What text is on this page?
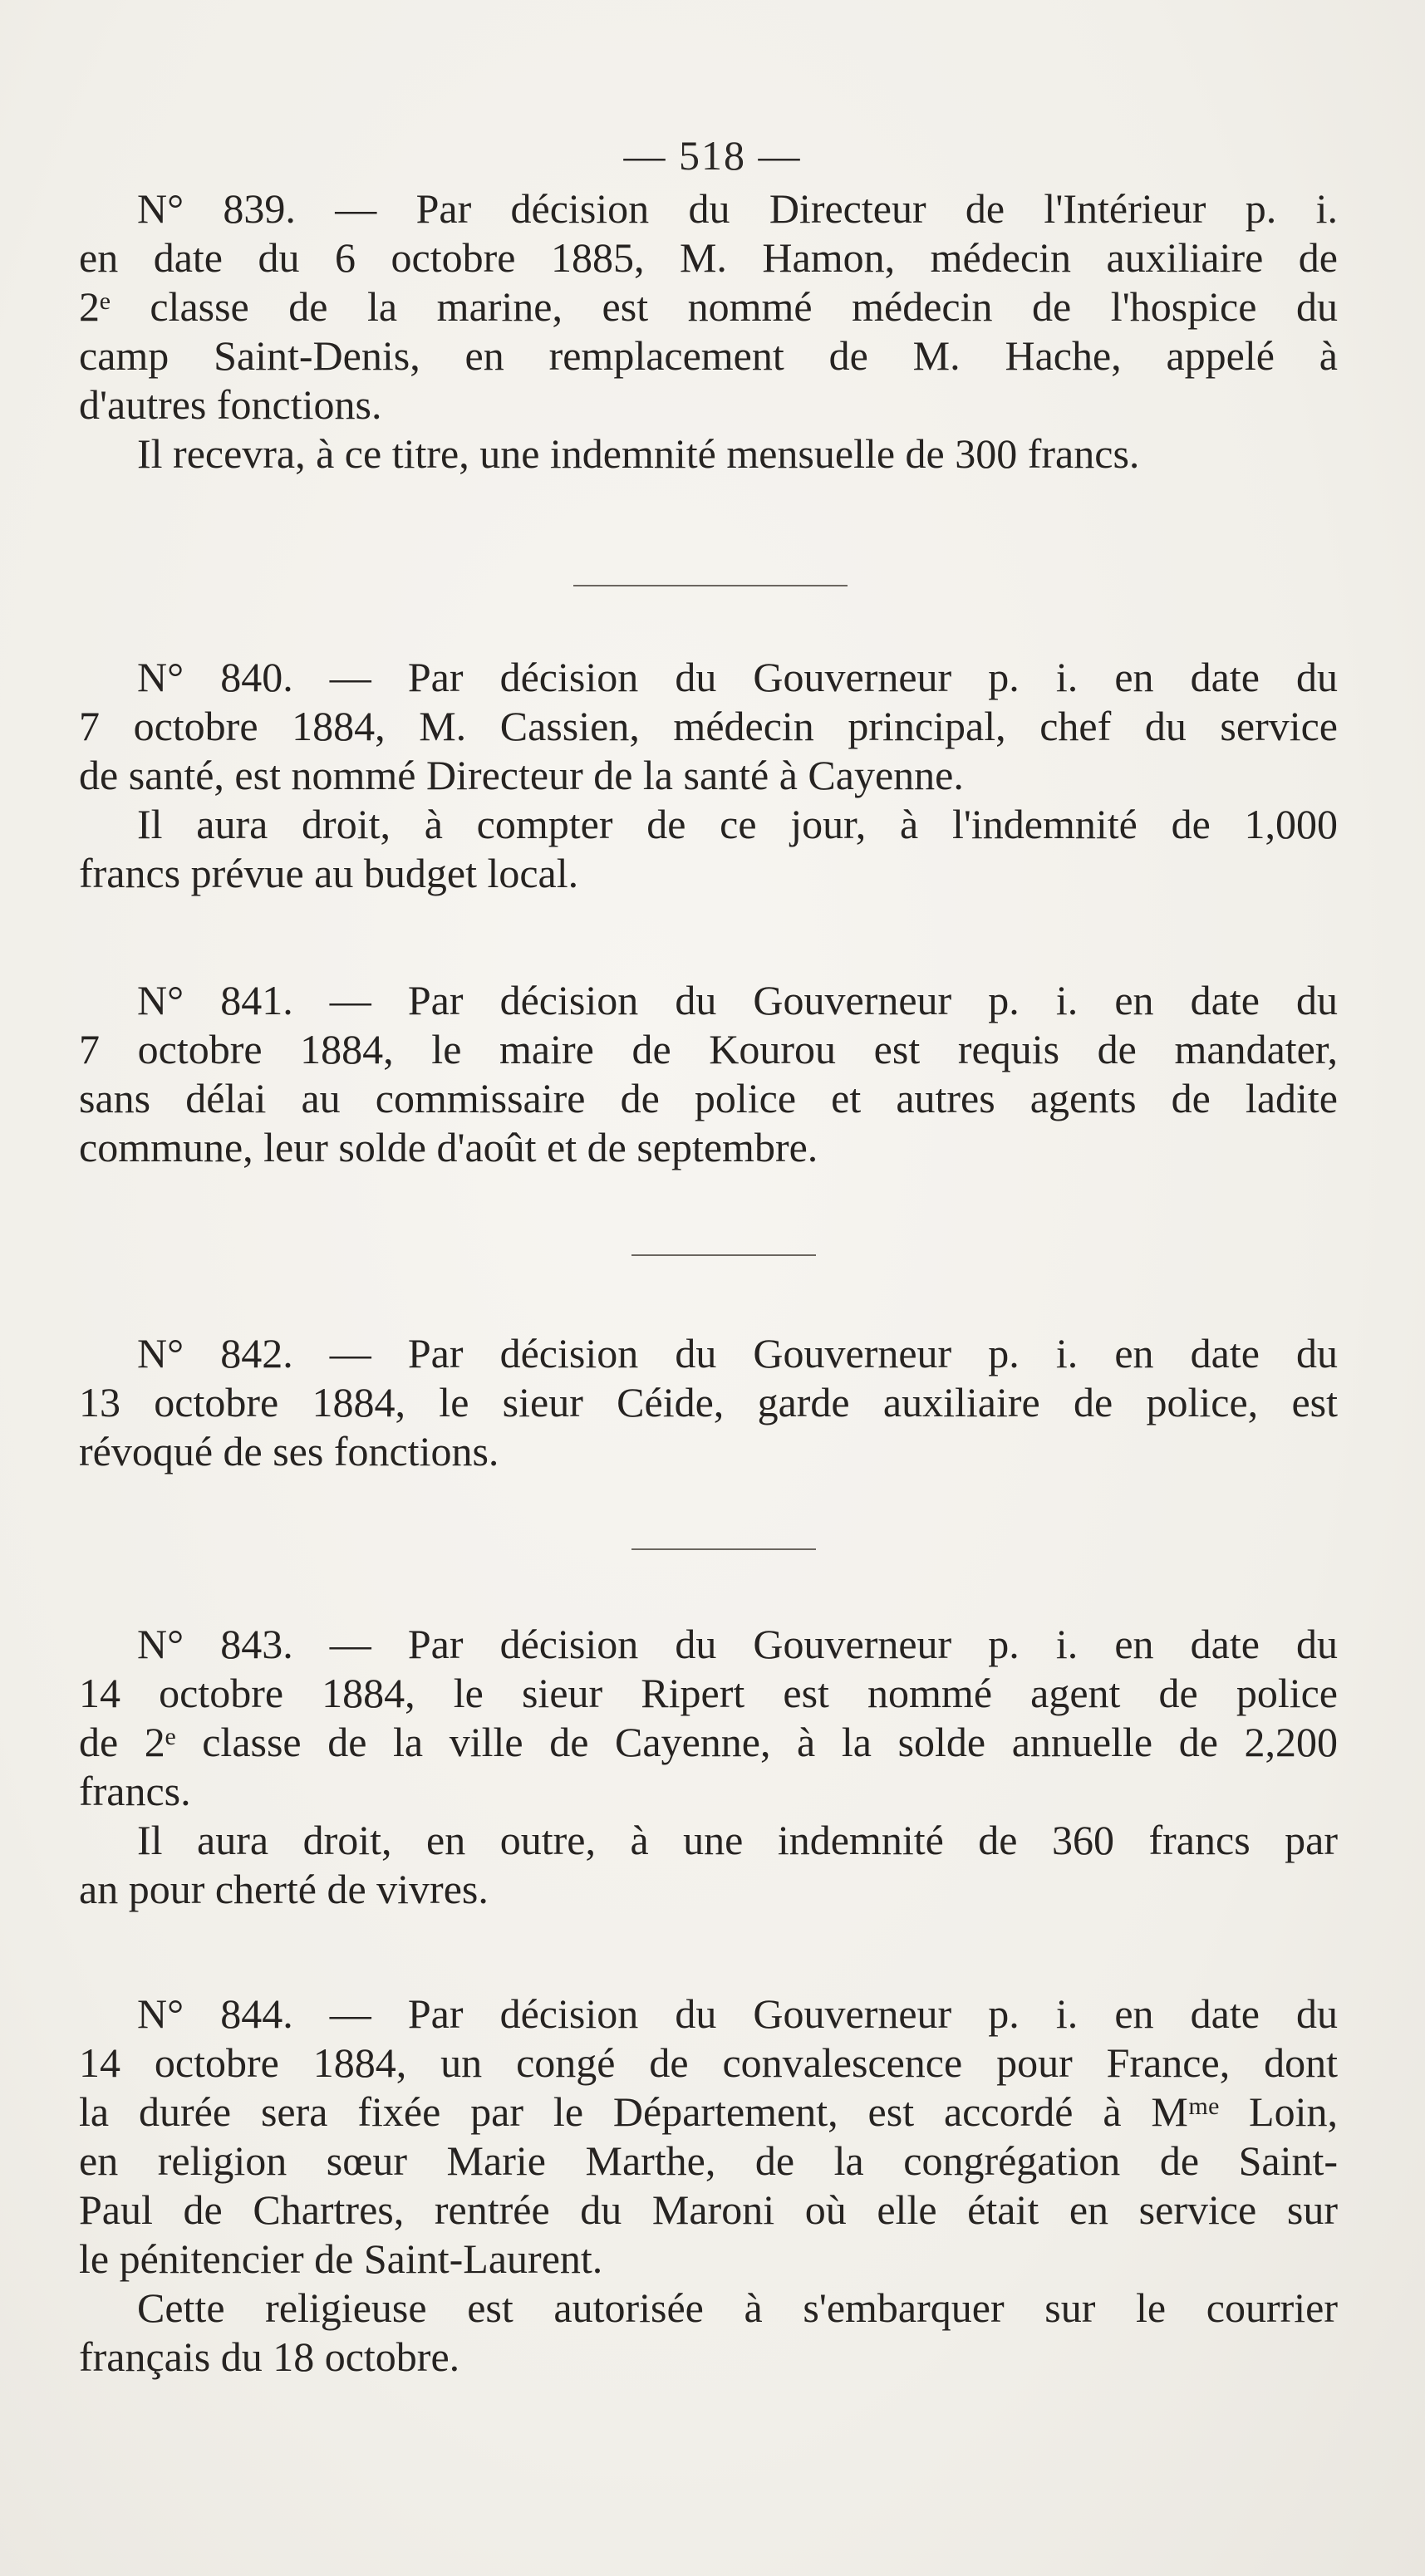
— 518 —
N° 839. — Par décision du Directeur de l'Intérieur p. i.
en date du 6 octobre 1885, M. Hamon, médecin auxiliaire de
2ᵉ classe de la marine, est nommé médecin de l'hospice du
camp Saint-Denis, en remplacement de M. Hache, appelé à
d'autres fonctions.
Il recevra, à ce titre, une indemnité mensuelle de 300 francs.
N° 840. — Par décision du Gouverneur p. i. en date du
7 octobre 1884, M. Cassien, médecin principal, chef du service
de santé, est nommé Directeur de la santé à Cayenne.
Il aura droit, à compter de ce jour, à l'indemnité de 1,000
francs prévue au budget local.
N° 841. — Par décision du Gouverneur p. i. en date du
7 octobre 1884, le maire de Kourou est requis de mandater,
sans délai au commissaire de police et autres agents de ladite
commune, leur solde d'août et de septembre.
N° 842. — Par décision du Gouverneur p. i. en date du
13 octobre 1884, le sieur Céide, garde auxiliaire de police, est
révoqué de ses fonctions.
N° 843. — Par décision du Gouverneur p. i. en date du
14 octobre 1884, le sieur Ripert est nommé agent de police
de 2ᵉ classe de la ville de Cayenne, à la solde annuelle de 2,200
francs.
Il aura droit, en outre, à une indemnité de 360 francs par
an pour cherté de vivres.
N° 844. — Par décision du Gouverneur p. i. en date du
14 octobre 1884, un congé de convalescence pour France, dont
la durée sera fixée par le Département, est accordé à Mᵐᵉ Loin,
en religion sœur Marie Marthe, de la congrégation de Saint-
Paul de Chartres, rentrée du Maroni où elle était en service sur
le pénitencier de Saint-Laurent.
Cette religieuse est autorisée à s'embarquer sur le courrier
français du 18 octobre.
